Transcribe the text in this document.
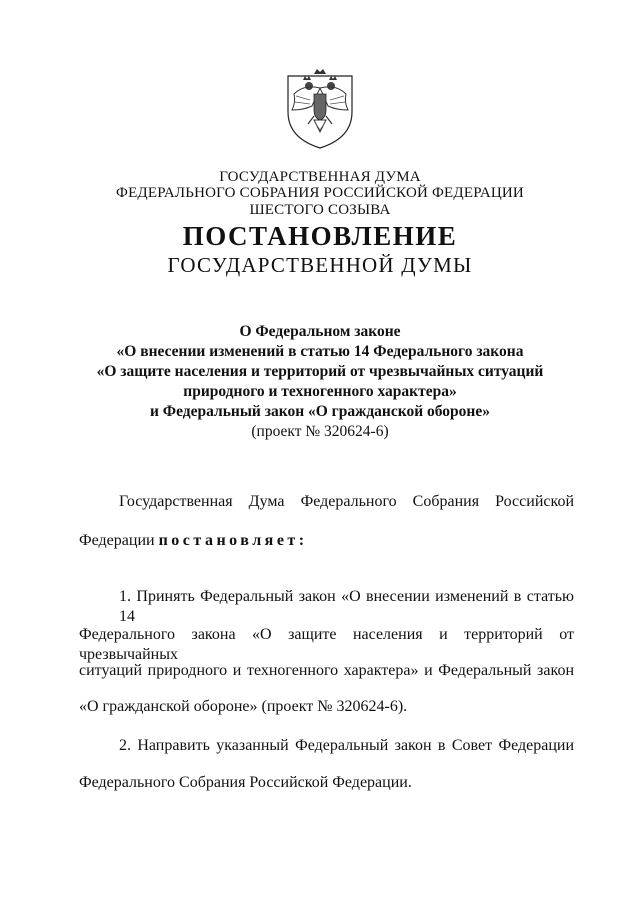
ГОСУДАРСТВЕННАЯ ДУМА
ФЕДЕРАЛЬНОГО СОБРАНИЯ РОССИЙСКОЙ ФЕДЕРАЦИИ
ШЕСТОГО СОЗЫВА
ПОСТАНОВЛЕНИЕ
ГОСУДАРСТВЕННОЙ ДУМЫ
О Федеральном законе
«О внесении изменений в статью 14 Федерального закона
«О защите населения и территорий от чрезвычайных ситуаций
природного и техногенного характера»
и Федеральный закон «О гражданской обороне»
(проект № 320624-6)
Государственная Дума Федерального Собрания Российской
Федерации постановляет:
1. Принять Федеральный закон «О внесении изменений в статью 14
Федерального закона «О защите населения и территорий от чрезвычайных
ситуаций природного и техногенного характера» и Федеральный закон
«О гражданской обороне» (проект № 320624-6).
2. Направить указанный Федеральный закон в Совет Федерации
Федерального Собрания Российской Федерации.
